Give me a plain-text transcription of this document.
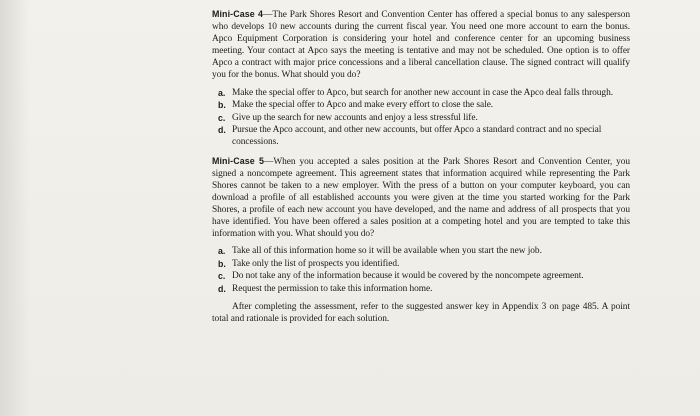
Mini-Case 4—The Park Shores Resort and Convention Center has offered a special bonus to any salesperson who develops 10 new accounts during the current fiscal year. You need one more account to earn the bonus. Apco Equipment Corporation is considering your hotel and conference center for an upcoming business meeting. Your contact at Apco says the meeting is tentative and may not be scheduled. One option is to offer Apco a contract with major price concessions and a liberal cancellation clause. The signed contract will qualify you for the bonus. What should you do?

a. Make the special offer to Apco, but search for another new account in case the Apco deal falls through.
b. Make the special offer to Apco and make every effort to close the sale.
c. Give up the search for new accounts and enjoy a less stressful life.
d. Pursue the Apco account, and other new accounts, but offer Apco a standard contract and no special concessions.

Mini-Case 5—When you accepted a sales position at the Park Shores Resort and Convention Center, you signed a noncompete agreement. This agreement states that information acquired while representing the Park Shores cannot be taken to a new employer. With the press of a button on your computer keyboard, you can download a profile of all established accounts you were given at the time you started working for the Park Shores, a profile of each new account you have developed, and the name and address of all prospects that you have identified. You have been offered a sales position at a competing hotel and you are tempted to take this information with you. What should you do?

a. Take all of this information home so it will be available when you start the new job.
b. Take only the list of prospects you identified.
c. Do not take any of the information because it would be covered by the noncompete agreement.
d. Request the permission to take this information home.

After completing the assessment, refer to the suggested answer key in Appendix 3 on page 485. A point total and rationale is provided for each solution.
